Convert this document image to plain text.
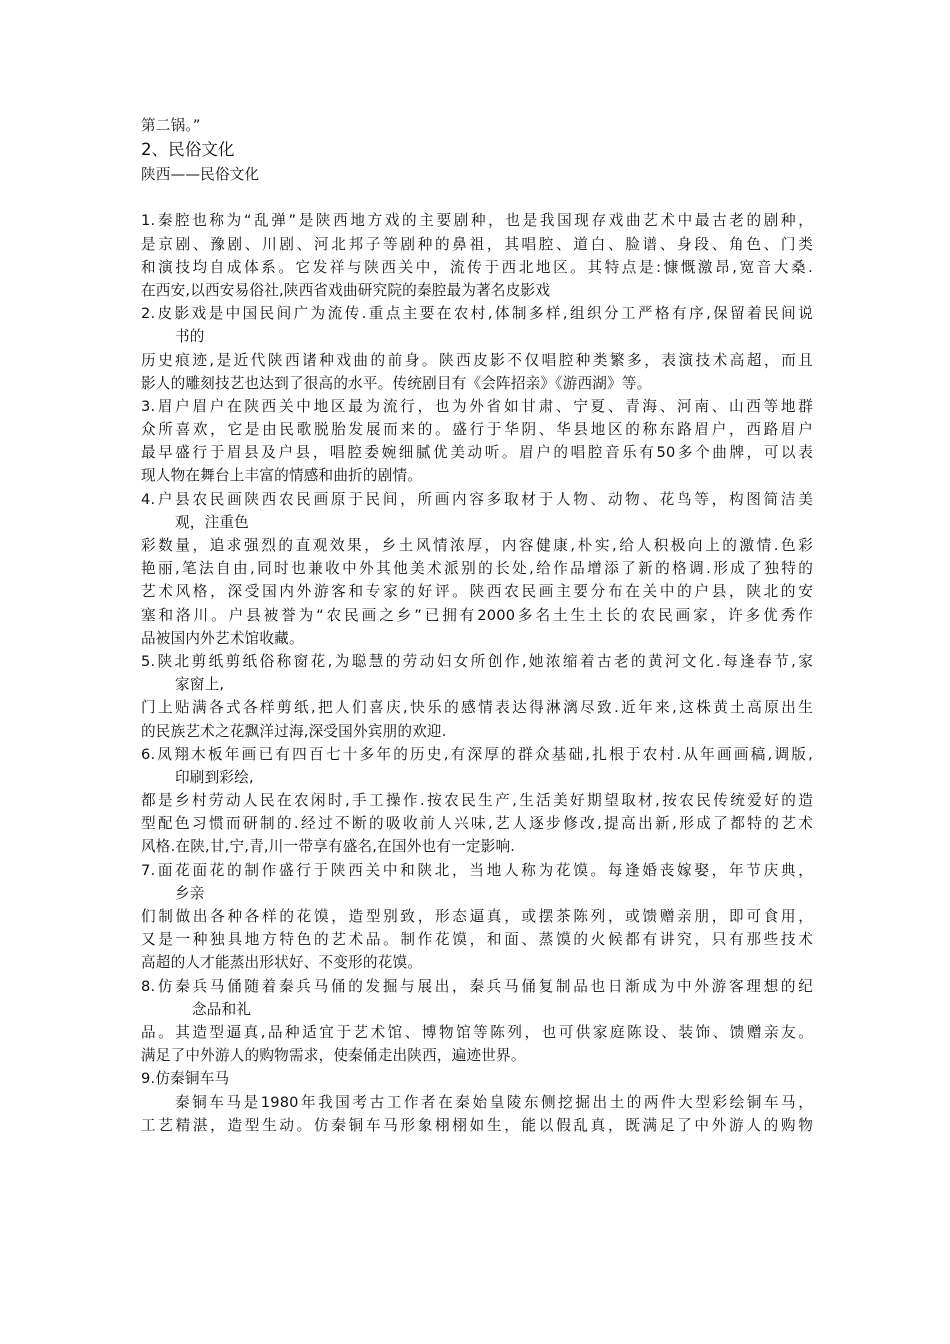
第二锅。”
2、民俗文化
陕西——民俗文化
1.秦腔也称为“乱弹”是陕西地方戏的主要剧种，也是我国现存戏曲艺术中最古老的剧种，
是京剧、豫剧、川剧、河北邦子等剧种的鼻祖，其唱腔、道白、脸谱、身段、角色、门类
和演技均自成体系。它发祥与陕西关中，流传于西北地区。其特点是:慷慨激昂,宽音大桑.
在西安,以西安易俗社,陕西省戏曲研究院的秦腔最为著名皮影戏
2.皮影戏是中国民间广为流传.重点主要在农村,体制多样,组织分工严格有序,保留着民间说
书的
历史痕迹,是近代陕西诸种戏曲的前身。陕西皮影不仅唱腔种类繁多，表演技术高超，而且
影人的雕刻技艺也达到了很高的水平。传统剧目有《会阵招亲》《游西湖》等。
3.眉户眉户在陕西关中地区最为流行，也为外省如甘肃、宁夏、青海、河南、山西等地群
众所喜欢，它是由民歌脱胎发展而来的。盛行于华阴、华县地区的称东路眉户，西路眉户
最早盛行于眉县及户县，唱腔委婉细腻优美动听。眉户的唱腔音乐有50多个曲牌，可以表
现人物在舞台上丰富的情感和曲折的剧情。
4.户县农民画陕西农民画原于民间，所画内容多取材于人物、动物、花鸟等，构图简洁美
观，注重色
彩数量，追求强烈的直观效果，乡土风情浓厚，内容健康,朴实,给人积极向上的激情.色彩
艳丽,笔法自由,同时也兼收中外其他美术派别的长处,给作品增添了新的格调.形成了独特的
艺术风格，深受国内外游客和专家的好评。陕西农民画主要分布在关中的户县，陕北的安
塞和洛川。户县被誉为“农民画之乡”已拥有2000多名土生土长的农民画家，许多优秀作
品被国内外艺术馆收藏。
5.陕北剪纸剪纸俗称窗花,为聪慧的劳动妇女所创作,她浓缩着古老的黄河文化.每逢春节,家
家窗上,
门上贴满各式各样剪纸,把人们喜庆,快乐的感情表达得淋漓尽致.近年来,这株黄土高原出生
的民族艺术之花飘洋过海,深受国外宾朋的欢迎.
6.凤翔木板年画已有四百七十多年的历史,有深厚的群众基础,扎根于农村.从年画画稿,调版,
印刷到彩绘,
都是乡村劳动人民在农闲时,手工操作.按农民生产,生活美好期望取材,按农民传统爱好的造
型配色习惯而研制的.经过不断的吸收前人兴味,艺人逐步修改,提高出新,形成了都特的艺术
风格.在陕,甘,宁,青,川一带享有盛名,在国外也有一定影响.
7.面花面花的制作盛行于陕西关中和陕北，当地人称为花馍。每逢婚丧嫁娶，年节庆典，
乡亲
们制做出各种各样的花馍，造型别致，形态逼真，或摆茶陈列，或馈赠亲朋，即可食用，
又是一种独具地方特色的艺术品。制作花馍，和面、蒸馍的火候都有讲究，只有那些技术
高超的人才能蒸出形状好、不变形的花馍。
8.仿秦兵马俑随着秦兵马俑的发掘与展出，秦兵马俑复制品也日渐成为中外游客理想的纪
念品和礼
品。其造型逼真,品种适宜于艺术馆、博物馆等陈列，也可供家庭陈设、装饰、馈赠亲友。
满足了中外游人的购物需求，使秦俑走出陕西，遍迹世界。
9.仿秦铜车马
秦铜车马是1980年我国考古工作者在秦始皇陵东侧挖掘出土的两件大型彩绘铜车马，
工艺精湛，造型生动。仿秦铜车马形象栩栩如生，能以假乱真，既满足了中外游人的购物
